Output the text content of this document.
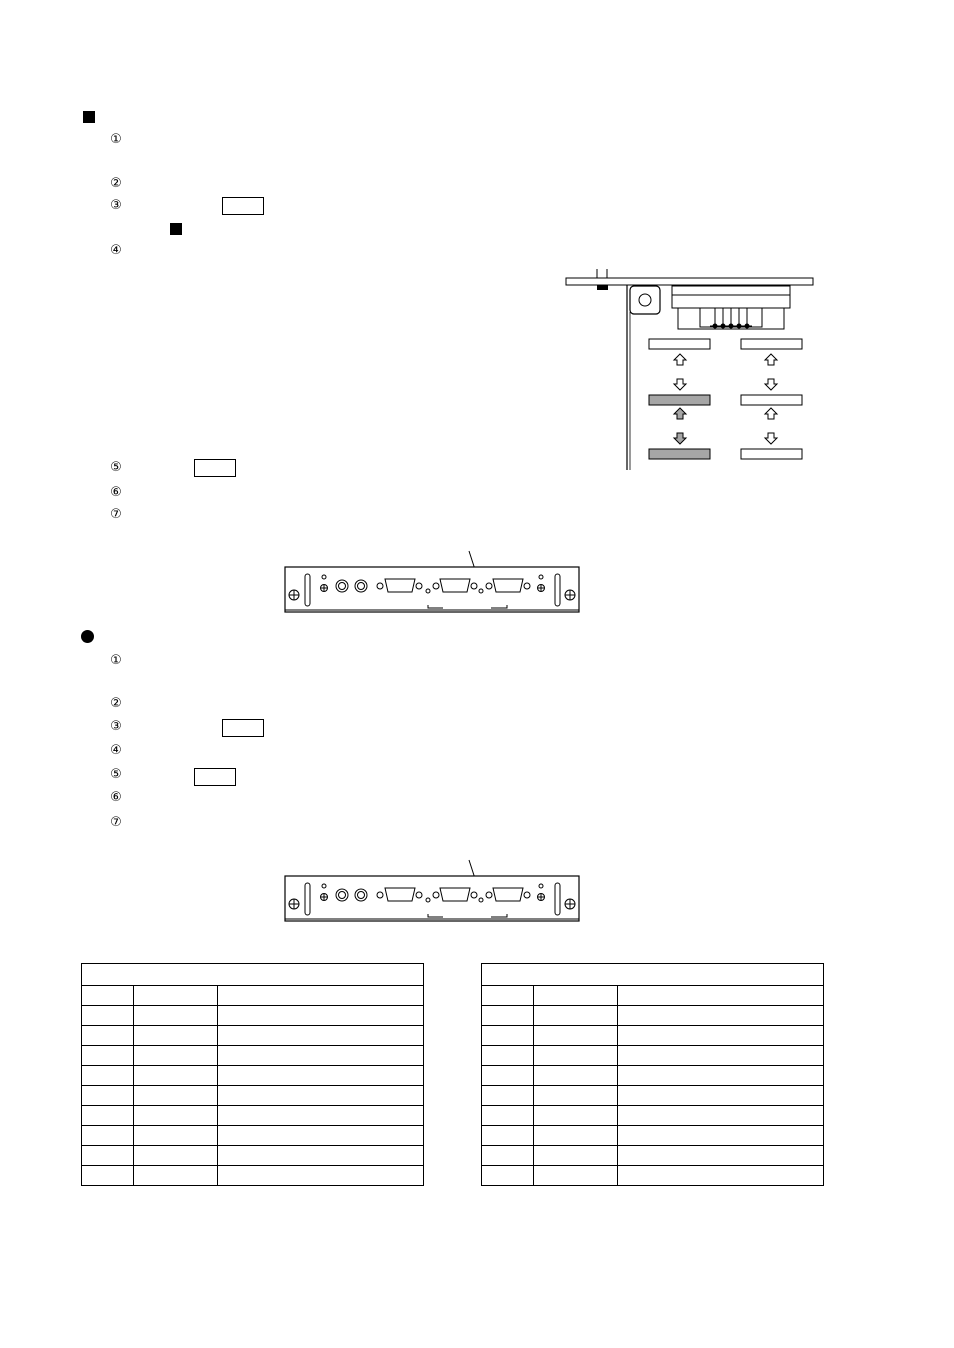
①
②
③
④
⑤
⑥
⑦
①
②
③
④
⑤
⑥
⑦
